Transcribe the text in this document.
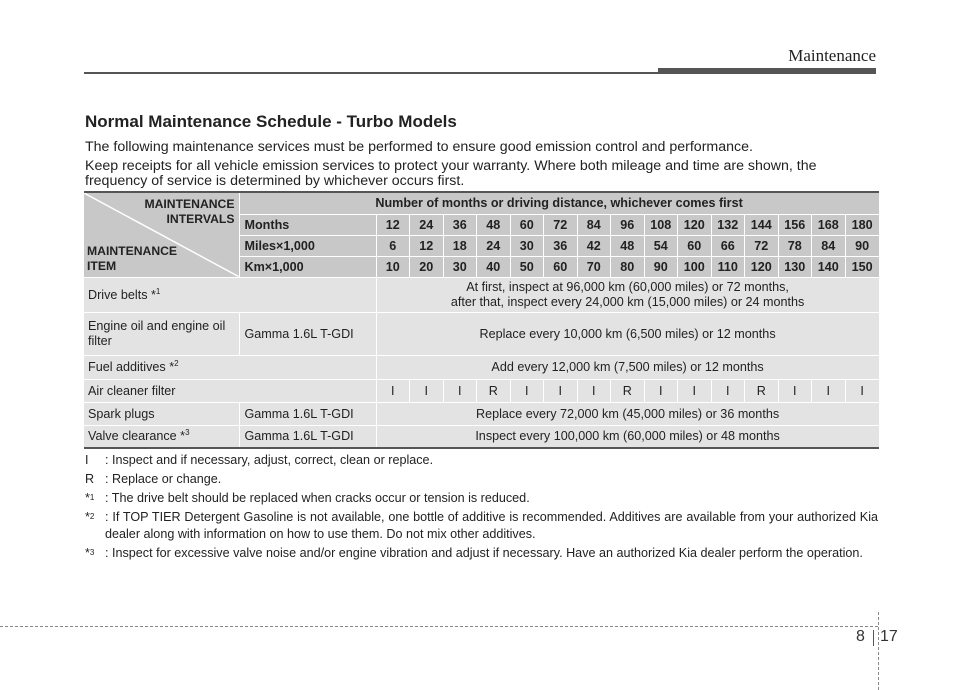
Maintenance
Normal Maintenance Schedule - Turbo Models
The following maintenance services must be performed to ensure good emission control and performance.
Keep receipts for all vehicle emission services to protect your warranty. Where both mileage and time are shown, the frequency of service is determined by whichever occurs first.
MAINTENANCE
INTERVALS
MAINTENANCE
ITEM	Number of months or driving distance, whichever comes first															
	Months	12	24	36	48	60	72	84	96	108	120	132	144	156	168	180
	Miles×1,000	6	12	18	24	30	36	42	48	54	60	66	72	78	84	90
	Km×1,000	10	20	30	40	50	60	70	80	90	100	110	120	130	140	150
Drive belts *$^1$		At first, inspect at 96,000 km (60,000 miles) or 72 months,
after that, inspect every 24,000 km (15,000 miles) or 24 months														

Engine oil and engine oil filter	Gamma 1.6L T-GDI	Replace every 10,000 km (6,500 miles) or 12 months														
Fuel additives *$^2$		Add every 12,000 km (7,500 miles) or 12 months														
Air cleaner filter		I	I	I	R	I	I	I	R	I	I	I	R	I	I	I
Spark plugs	Gamma 1.6L T-GDI	Replace every 72,000 km (45,000 miles) or 36 months														
Valve clearance *$^3$	Gamma 1.6L T-GDI	Inspect every 100,000 km (60,000 miles) or 48 months														
I	: Inspect and if necessary, adjust, correct, clean or replace.
R : Replace or change.
*$^1$ : The drive belt should be replaced when cracks occur or tension is reduced.
*$^2$ : If TOP TIER Detergent Gasoline is not available, one bottle of additive is recommended. Additives are available from your authorized Kia dealer along with information on how to use them. Do not mix other additives.
*$^3$ : Inspect for excessive valve noise and/or engine vibration and adjust if necessary. Have an authorized Kia dealer perform the operation.
8 17
